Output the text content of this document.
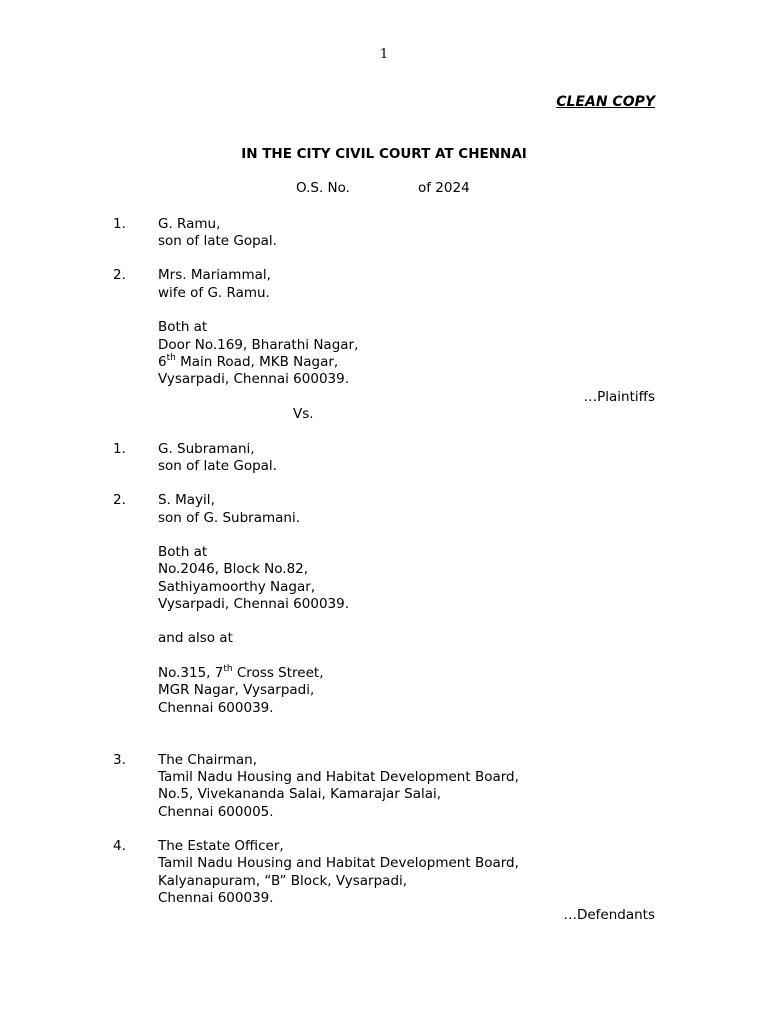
1
CLEAN COPY
IN THE CITY CIVIL COURT AT CHENNAI
O.S. No.	of 2024
1. G. Ramu,
son of late Gopal.
2. Mrs. Mariammal,
wife of G. Ramu.
Both at
Door No.169, Bharathi Nagar,
6th Main Road, MKB Nagar,
Vysarpadi, Chennai 600039.
…Plaintiffs
Vs.
1. G. Subramani,
son of late Gopal.
2. S. Mayil,
son of G. Subramani.
Both at
No.2046, Block No.82,
Sathiyamoorthy Nagar,
Vysarpadi, Chennai 600039.
and also at
No.315, 7th Cross Street,
MGR Nagar, Vysarpadi,
Chennai 600039.
3. The Chairman,
Tamil Nadu Housing and Habitat Development Board,
No.5, Vivekananda Salai, Kamarajar Salai,
Chennai 600005.
4. The Estate Officer,
Tamil Nadu Housing and Habitat Development Board,
Kalyanapuram, “B” Block, Vysarpadi,
Chennai 600039.
…Defendants
